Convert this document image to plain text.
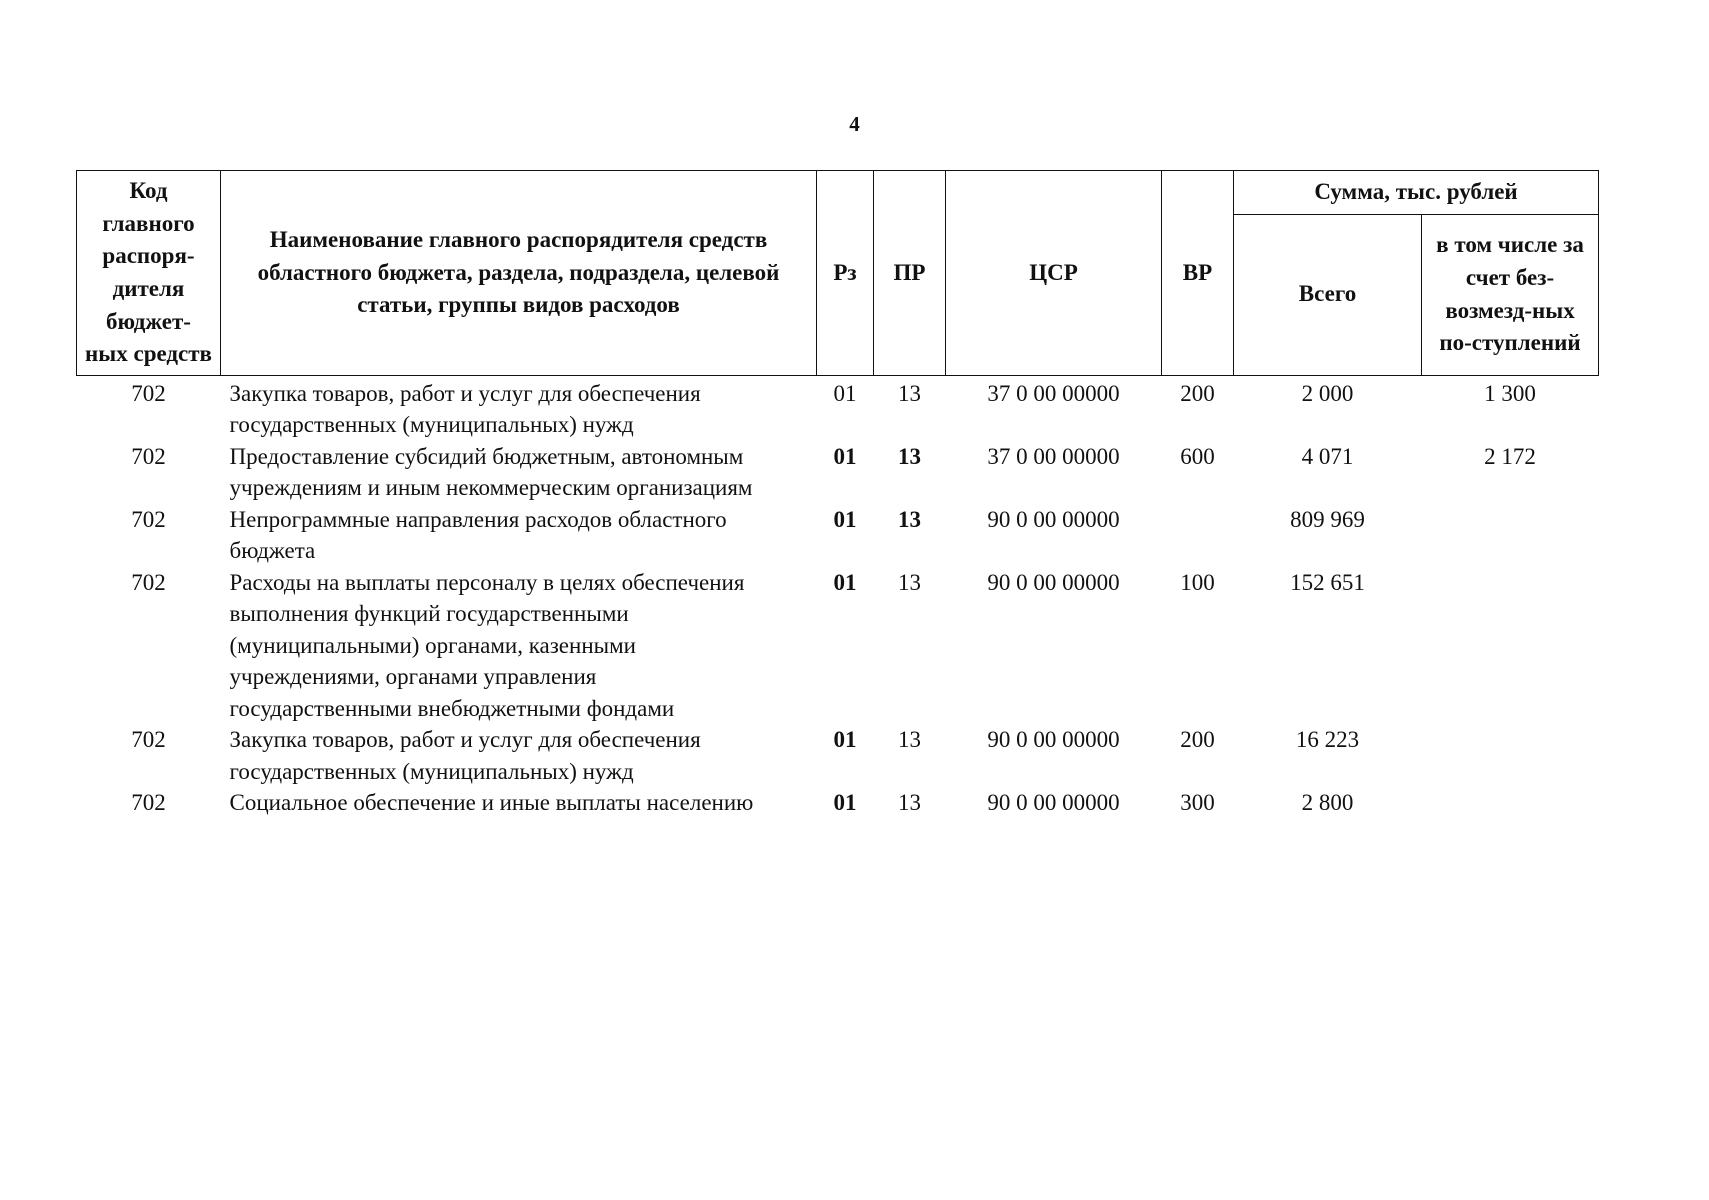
4
Код главного распоря-дителя бюджет-ных средств	Наименование главного распорядителя средств областного бюджета, раздела, подраздела, целевой статьи, группы видов расходов	Рз	ПР	ЦСР	ВР	Сумма, тыс. рублей	
						Всего	в том числе за счет без-возмезд-ных по-ступлений
702	Закупка товаров, работ и услуг для обеспечения государственных (муниципальных) нужд	01	13	37 0 00 00000	200	2 000	1 300
702	Предоставление субсидий бюджетным, автономным учреждениям и иным некоммерческим организациям	01	13	37 0 00 00000	600	4 071	2 172
702	Непрограммные направления расходов областного бюджета	01	13	90 0 00 00000		809 969	
702	Расходы на выплаты персоналу в целях обеспечения выполнения функций государственными (муниципальными) органами, казенными учреждениями, органами управления государственными внебюджетными фондами	01	13	90 0 00 00000	100	152 651	
702	Закупка товаров, работ и услуг для обеспечения государственных (муниципальных) нужд	01	13	90 0 00 00000	200	16 223	
702	Социальное обеспечение и иные выплаты населению	01	13	90 0 00 00000	300	2 800	
